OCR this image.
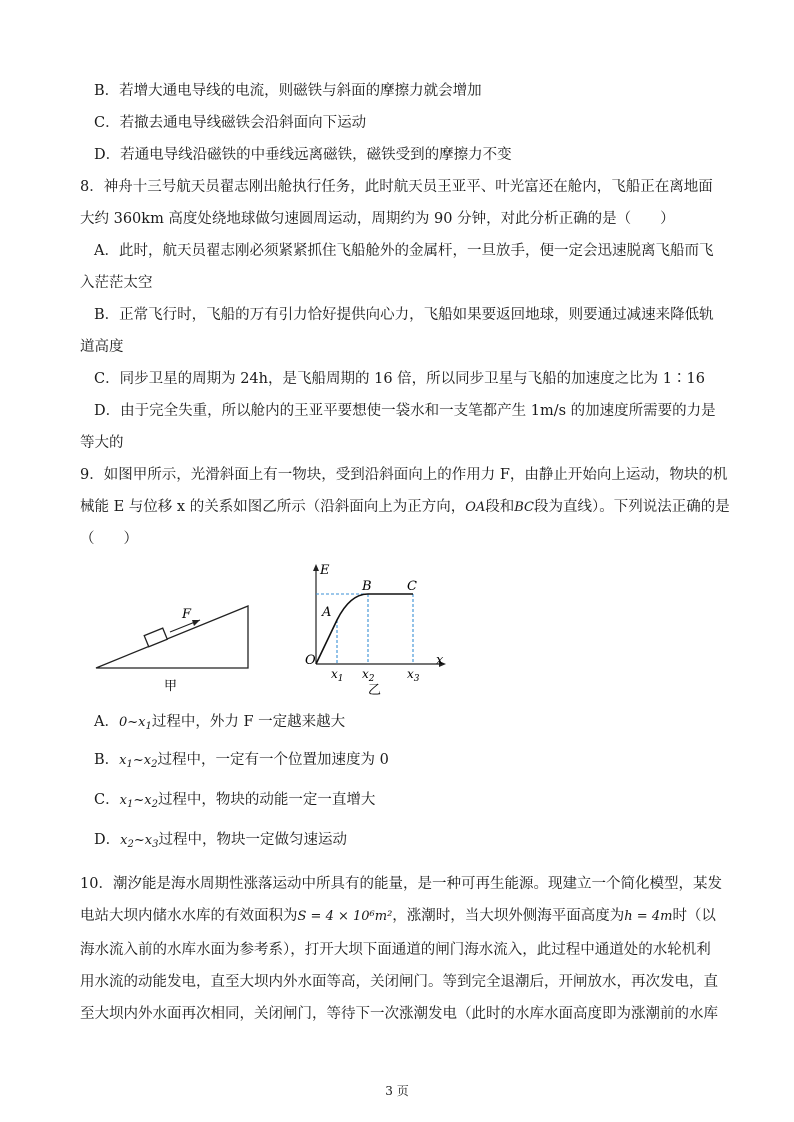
B．若增大通电导线的电流，则磁铁与斜面的摩擦力就会增加
C．若撤去通电导线磁铁会沿斜面向下运动
D．若通电导线沿磁铁的中垂线远离磁铁，磁铁受到的摩擦力不变
8．神舟十三号航天员翟志刚出舱执行任务，此时航天员王亚平、叶光富还在舱内，飞船正在离地面
大约 360km 高度处绕地球做匀速圆周运动，周期约为 90 分钟，对此分析正确的是（　　）
A．此时，航天员翟志刚必须紧紧抓住飞船舱外的金属杆，一旦放手，便一定会迅速脱离飞船而飞
入茫茫太空
B．正常飞行时，飞船的万有引力恰好提供向心力，飞船如果要返回地球，则要通过减速来降低轨
道高度
C．同步卫星的周期为 24h，是飞船周期的 16 倍，所以同步卫星与飞船的加速度之比为 1∶16
D．由于完全失重，所以舱内的王亚平要想使一袋水和一支笔都产生 1m/s 的加速度所需要的力是
等大的
9．如图甲所示，光滑斜面上有一物块，受到沿斜面向上的作用力 F，由静止开始向上运动，物块的机
械能 E 与位移 x 的关系如图乙所示（沿斜面向上为正方向，OA段和BC段为直线）。下列说法正确的是
（　　）
F
甲
E
x
O
A
B	C
$x_1$ $x_2$	$x_3$
乙
A．$0\sim x_1$过程中，外力 F 一定越来越大
B．$x_1\sim x_2$过程中，一定有一个位置加速度为 0
C．$x_1\sim x_2$过程中，物块的动能一定一直增大
D．$x_2\sim x_3$过程中，物块一定做匀速运动
10．潮汐能是海水周期性涨落运动中所具有的能量，是一种可再生能源。现建立一个简化模型，某发
电站大坝内储水水库的有效面积为S = 4 × 10⁶m²，涨潮时，当大坝外侧海平面高度为h = 4m时（以
海水流入前的水库水面为参考系），打开大坝下面通道的闸门海水流入，此过程中通道处的水轮机利
用水流的动能发电，直至大坝内外水面等高，关闭闸门。等到完全退潮后，开闸放水，再次发电，直
至大坝内外水面再次相同，关闭闸门，等待下一次涨潮发电（此时的水库水面高度即为涨潮前的水库
3 页
